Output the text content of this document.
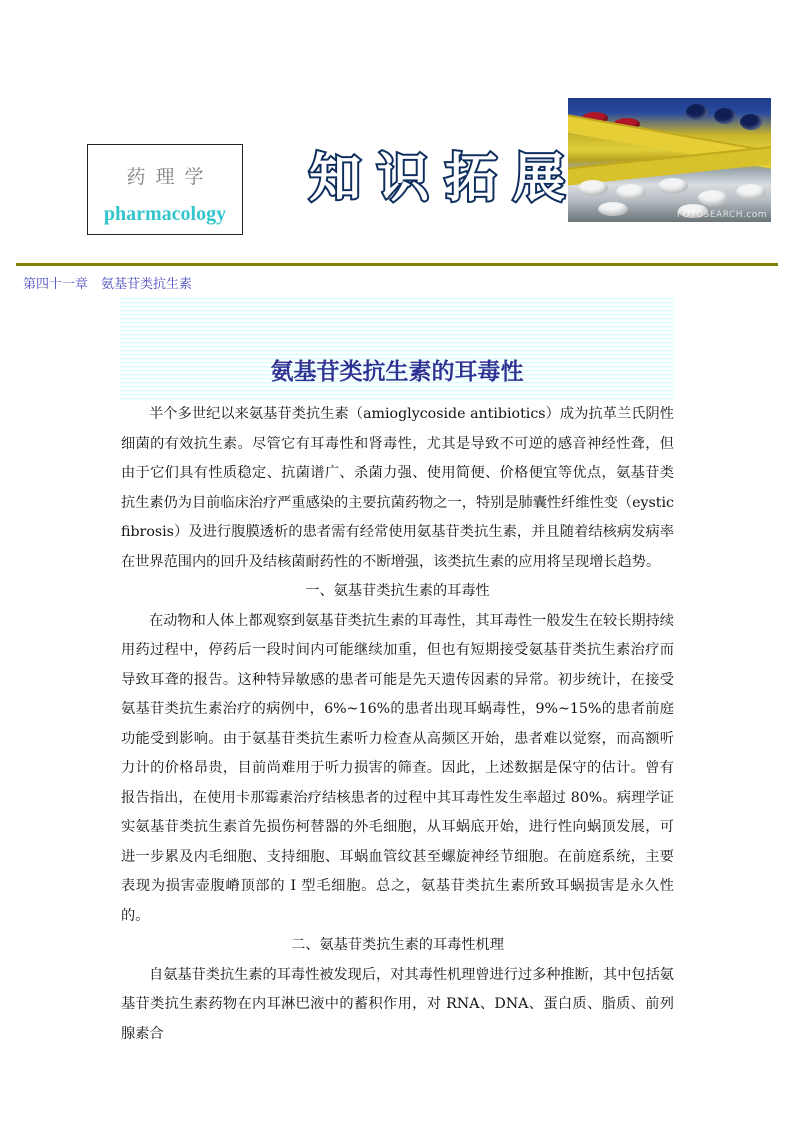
药理学
pharmacology
知 识 拓 展
FOTOSEARCH.com
第四十一章　氨基苷类抗生素
氨基苷类抗生素的耳毒性

半个多世纪以来氨基苷类抗生素（amioglycoside antibiotics）成为抗革兰氏阴性细菌的有效抗生素。尽管它有耳毒性和肾毒性，尤其是导致不可逆的感音神经性聋，但由于它们具有性质稳定、抗菌谱广、杀菌力强、使用简便、价格便宜等优点，氨基苷类抗生素仍为目前临床治疗严重感染的主要抗菌药物之一，特别是肺囊性纤维性变（eystic fibrosis）及进行腹膜透析的患者需有经常使用氨基苷类抗生素，并且随着结核病发病率在世界范围内的回升及结核菌耐药性的不断增强，该类抗生素的应用将呈现增长趋势。

一、氨基苷类抗生素的耳毒性

在动物和人体上都观察到氨基苷类抗生素的耳毒性，其耳毒性一般发生在较长期持续用药过程中，停药后一段时间内可能继续加重，但也有短期接受氨基苷类抗生素治疗而导致耳聋的报告。这种特异敏感的患者可能是先天遗传因素的异常。初步统计，在接受氨基苷类抗生素治疗的病例中，6%~16%的患者出现耳蜗毒性，9%~15%的患者前庭功能受到影响。由于氨基苷类抗生素听力检查从高频区开始，患者难以觉察，而高额听力计的价格昂贵，目前尚难用于听力损害的筛查。因此，上述数据是保守的估计。曾有报告指出，在使用卡那霉素治疗结核患者的过程中其耳毒性发生率超过 80%。病理学证实氨基苷类抗生素首先损伤柯替器的外毛细胞，从耳蜗底开始，进行性向蜗顶发展，可进一步累及内毛细胞、支持细胞、耳蜗血管纹甚至螺旋神经节细胞。在前庭系统，主要表现为损害壶腹嵴顶部的 I 型毛细胞。总之，氨基苷类抗生素所致耳蜗损害是永久性的。

二、氨基苷类抗生素的耳毒性机理

自氨基苷类抗生素的耳毒性被发现后，对其毒性机理曾进行过多种推断，其中包括氨基苷类抗生素药物在内耳淋巴液中的蓄积作用，对 RNA、DNA、蛋白质、脂质、前列腺素合
